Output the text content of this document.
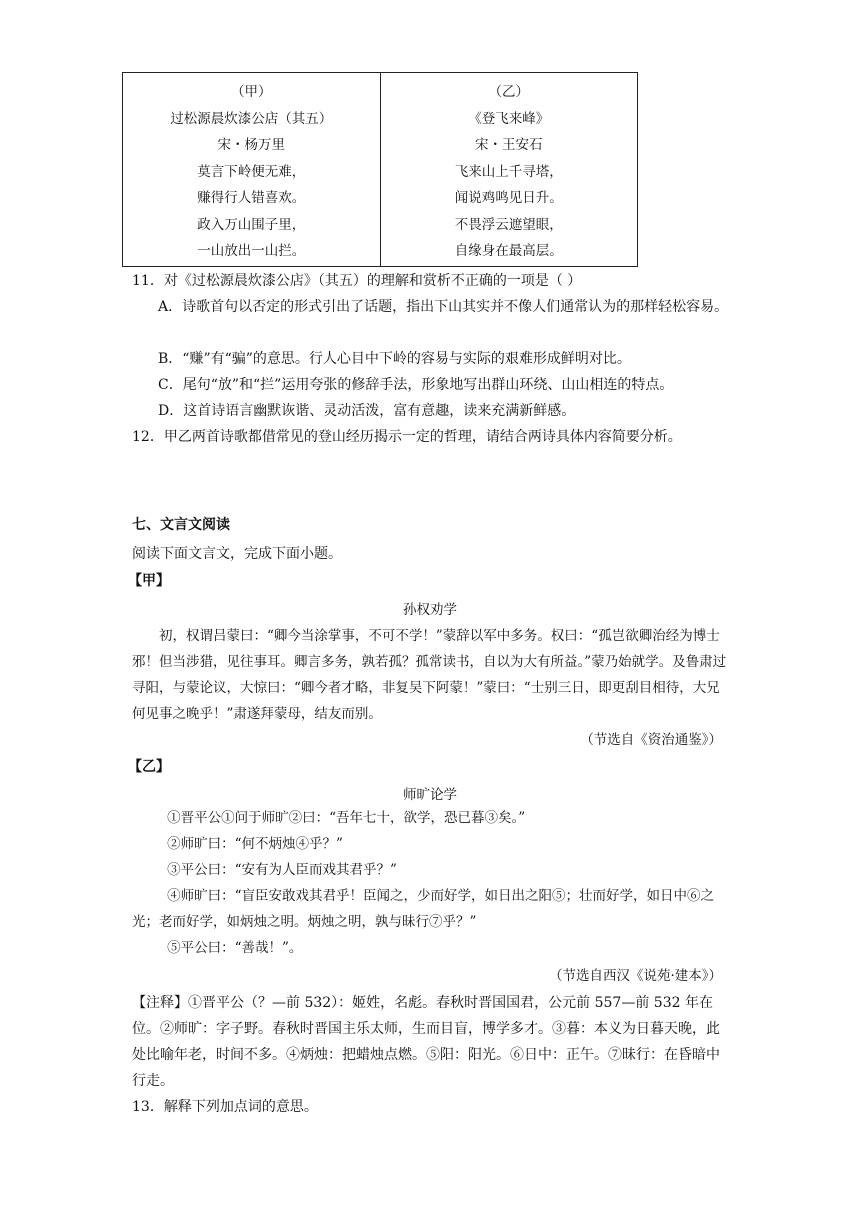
（甲）
过松源晨炊漆公店（其五）
宋・杨万里
莫言下岭便无难，
赚得行人错喜欢。
政入万山围子里，
一山放出一山拦。
（乙）
《登飞来峰》
宋・王安石
飞来山上千寻塔，
闻说鸡鸣见日升。
不畏浮云遮望眼，
自缘身在最高层。
11．对《过松源晨炊漆公店》（其五）的理解和赏析不正确的一项是（ ）
A．诗歌首句以否定的形式引出了话题，指出下山其实并不像人们通常认为的那样轻松容易。
B．“赚”有“骗”的意思。行人心目中下岭的容易与实际的艰难形成鲜明对比。
C．尾句“放”和“拦”运用夸张的修辞手法，形象地写出群山环绕、山山相连的特点。
D．这首诗语言幽默诙谐、灵动活泼，富有意趣，读来充满新鲜感。
12．甲乙两首诗歌都借常见的登山经历揭示一定的哲理，请结合两诗具体内容简要分析。
七、文言文阅读
阅读下面文言文，完成下面小题。
【甲】
孙权劝学
初，权谓吕蒙曰：“卿今当涂掌事，不可不学！”蒙辞以军中多务。权曰：“孤岂欲卿治经为博士邪！但当涉猎，见往事耳。卿言多务，孰若孤？孤常读书，自以为大有所益。”蒙乃始就学。及鲁肃过寻阳，与蒙论议，大惊曰：“卿今者才略，非复吴下阿蒙！”蒙曰：“士别三日，即更刮目相待，大兄何见事之晚乎！”肃遂拜蒙母，结友而别。
（节选自《资治通鉴》）
【乙】
师旷论学
①晋平公①问于师旷②曰：“吾年七十，欲学，恐已暮③矣。”
②师旷曰：“何不炳烛④乎？”
③平公曰：“安有为人臣而戏其君乎？”
④师旷曰：“盲臣安敢戏其君乎！臣闻之，少而好学，如日出之阳⑤；壮而好学，如日中⑥之光；老而好学，如炳烛之明。炳烛之明，孰与昧行⑦乎？”
⑤平公曰：“善哉！”。
（节选自西汉《说苑·建本》）
【注释】①晋平公（？—前 532）：姬姓，名彪。春秋时晋国国君，公元前 557—前 532 年在位。②师旷：字子野。春秋时晋国主乐太师，生而目盲，博学多才。③暮：本义为日暮天晚，此处比喻年老，时间不多。④炳烛：把蜡烛点燃。⑤阳：阳光。⑥日中：正午。⑦昧行：在昏暗中行走。
13．解释下列加点词的意思。
